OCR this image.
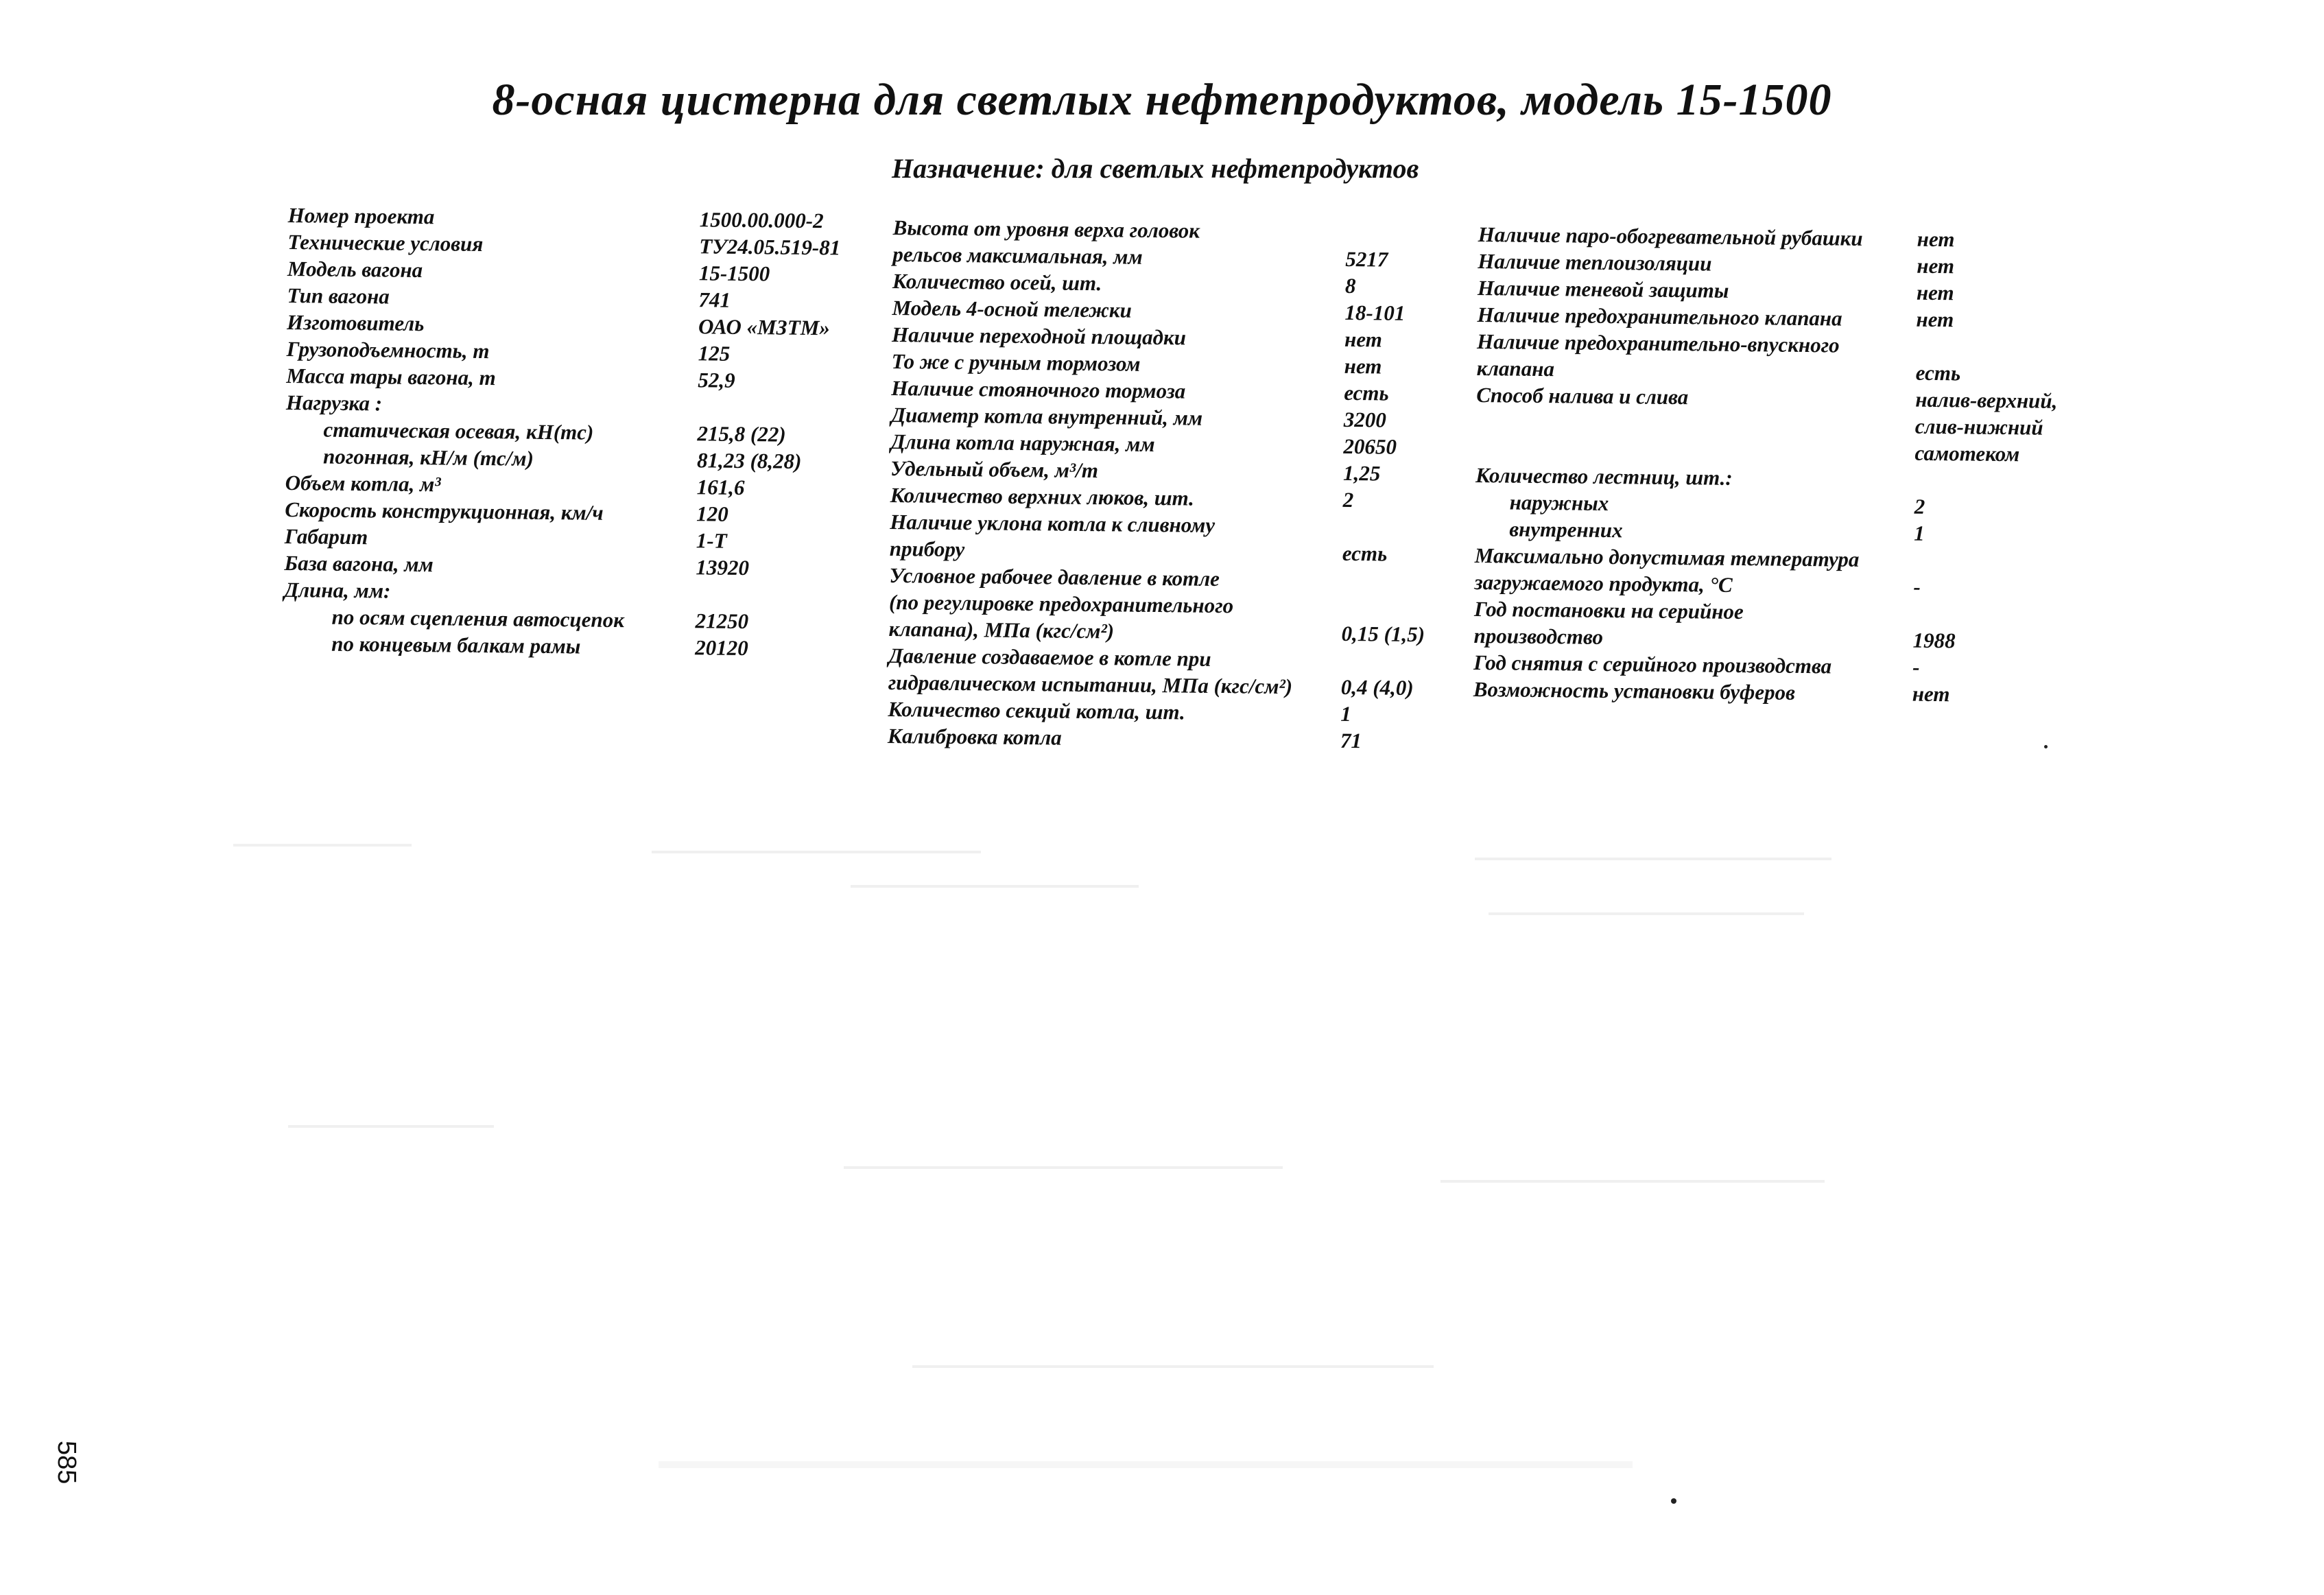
8-осная цистерна для светлых нефтепродуктов, модель 15-1500
Назначение: для светлых нефтепродуктов
Номер проекта	1500.00.000-2
Технические условия	ТУ24.05.519-81
Модель вагона	15-1500
Тип вагона	741
Изготовитель	ОАО «МЗТМ»
Грузоподъемность, т	125
Масса тары вагона, т	52,9
Нагрузка :
статическая осевая, кН(тс)	215,8 (22)
погонная, кН/м (тс/м)	81,23 (8,28)
Объем котла, м³	161,6
Скорость конструкционная, км/ч	120
Габарит	1-Т
База вагона, мм	13920
Длина, мм:
по осям сцепления автосцепок	21250
по концевым балкам рамы	20120
Высота от уровня верха головок
рельсов максимальная, мм	5217
Количество осей, шт.	8
Модель 4-осной тележки	18-101
Наличие переходной площадки	нет
То же с ручным тормозом	нет
Наличие стояночного тормоза	есть
Диаметр котла внутренний, мм	3200
Длина котла наружная, мм	20650
Удельный объем, м³/т	1,25
Количество верхних люков, шт.	2
Наличие уклона котла к сливному
прибору	есть
Условное рабочее давление в котле
(по регулировке предохранительного
клапана), МПа (кгс/см²)	0,15 (1,5)
Давление создаваемое в котле при
гидравлическом испытании, МПа (кгс/см²) 0,4 (4,0)
Количество секций котла, шт.	1
Калибровка котла	71
Наличие паро-обогревательной рубашки	нет
Наличие теплоизоляции	нет
Наличие теневой защиты	нет
Наличие предохранительного клапана	нет
Наличие предохранительно-впускного
клапана	есть
Способ налива и слива	налив-верхний,
слив-нижний
самотеком
Количество лестниц, шт.:
наружных	2
внутренних	1
Максимально допустимая температура
загружаемого продукта, °С	-
Год постановки на серийное
производство	1988
Год снятия с серийного производства	-
Возможность установки буферов	нет
585
